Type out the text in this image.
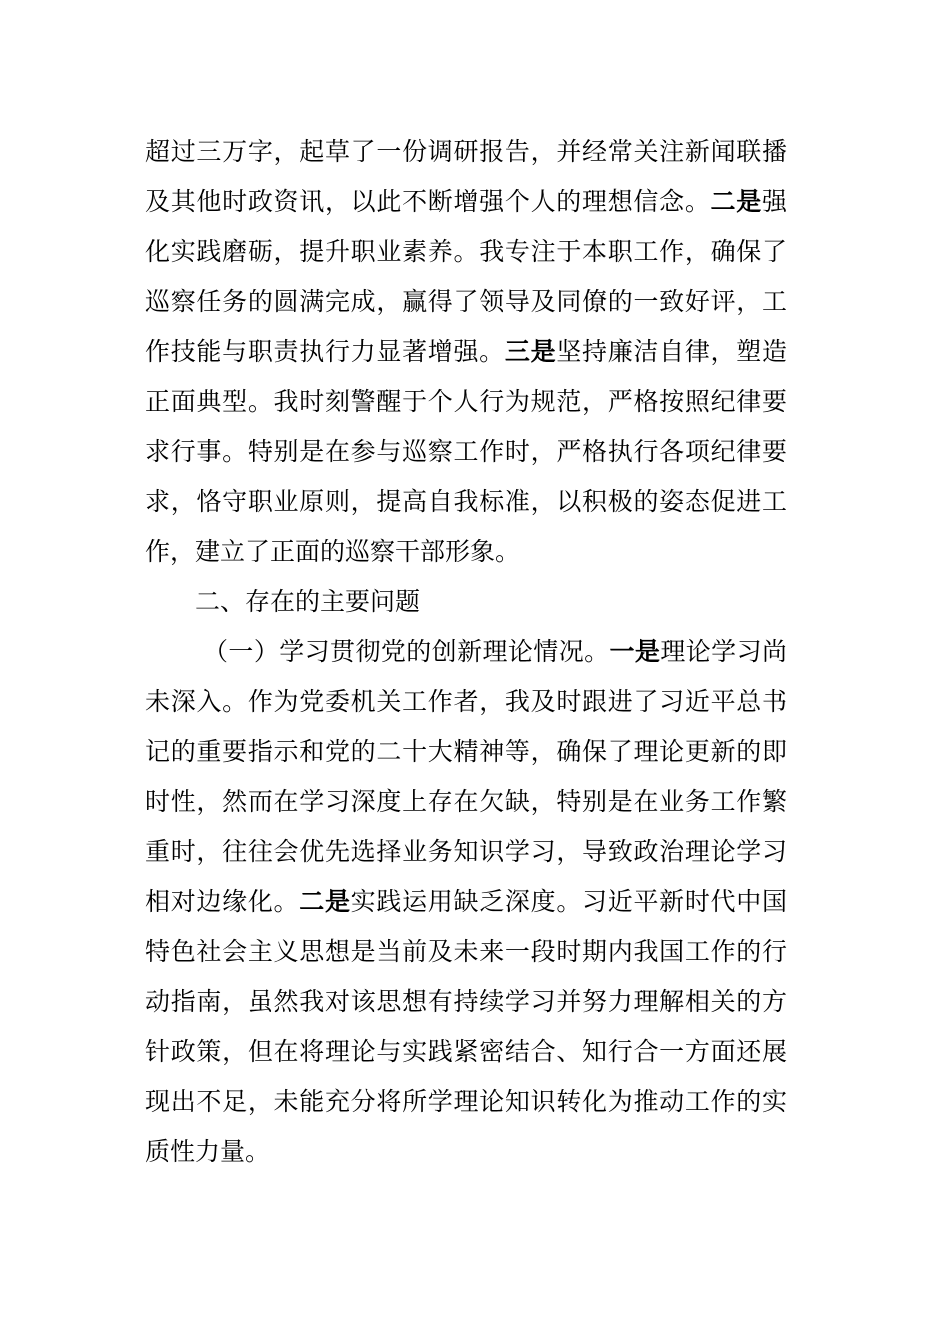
超过三万字，起草了一份调研报告，并经常关注新闻联播
及其他时政资讯，以此不断增强个人的理想信念。二是强
化实践磨砺，提升职业素养。我专注于本职工作，确保了
巡察任务的圆满完成，赢得了领导及同僚的一致好评，工
作技能与职责执行力显著增强。三是坚持廉洁自律，塑造
正面典型。我时刻警醒于个人行为规范，严格按照纪律要
求行事。特别是在参与巡察工作时，严格执行各项纪律要
求，恪守职业原则，提高自我标准，以积极的姿态促进工
作，建立了正面的巡察干部形象。
二、存在的主要问题
（一）学习贯彻党的创新理论情况。一是理论学习尚
未深入。作为党委机关工作者，我及时跟进了习近平总书
记的重要指示和党的二十大精神等，确保了理论更新的即
时性，然而在学习深度上存在欠缺，特别是在业务工作繁
重时，往往会优先选择业务知识学习，导致政治理论学习
相对边缘化。二是实践运用缺乏深度。习近平新时代中国
特色社会主义思想是当前及未来一段时期内我国工作的行
动指南，虽然我对该思想有持续学习并努力理解相关的方
针政策，但在将理论与实践紧密结合、知行合一方面还展
现出不足，未能充分将所学理论知识转化为推动工作的实
质性力量。
